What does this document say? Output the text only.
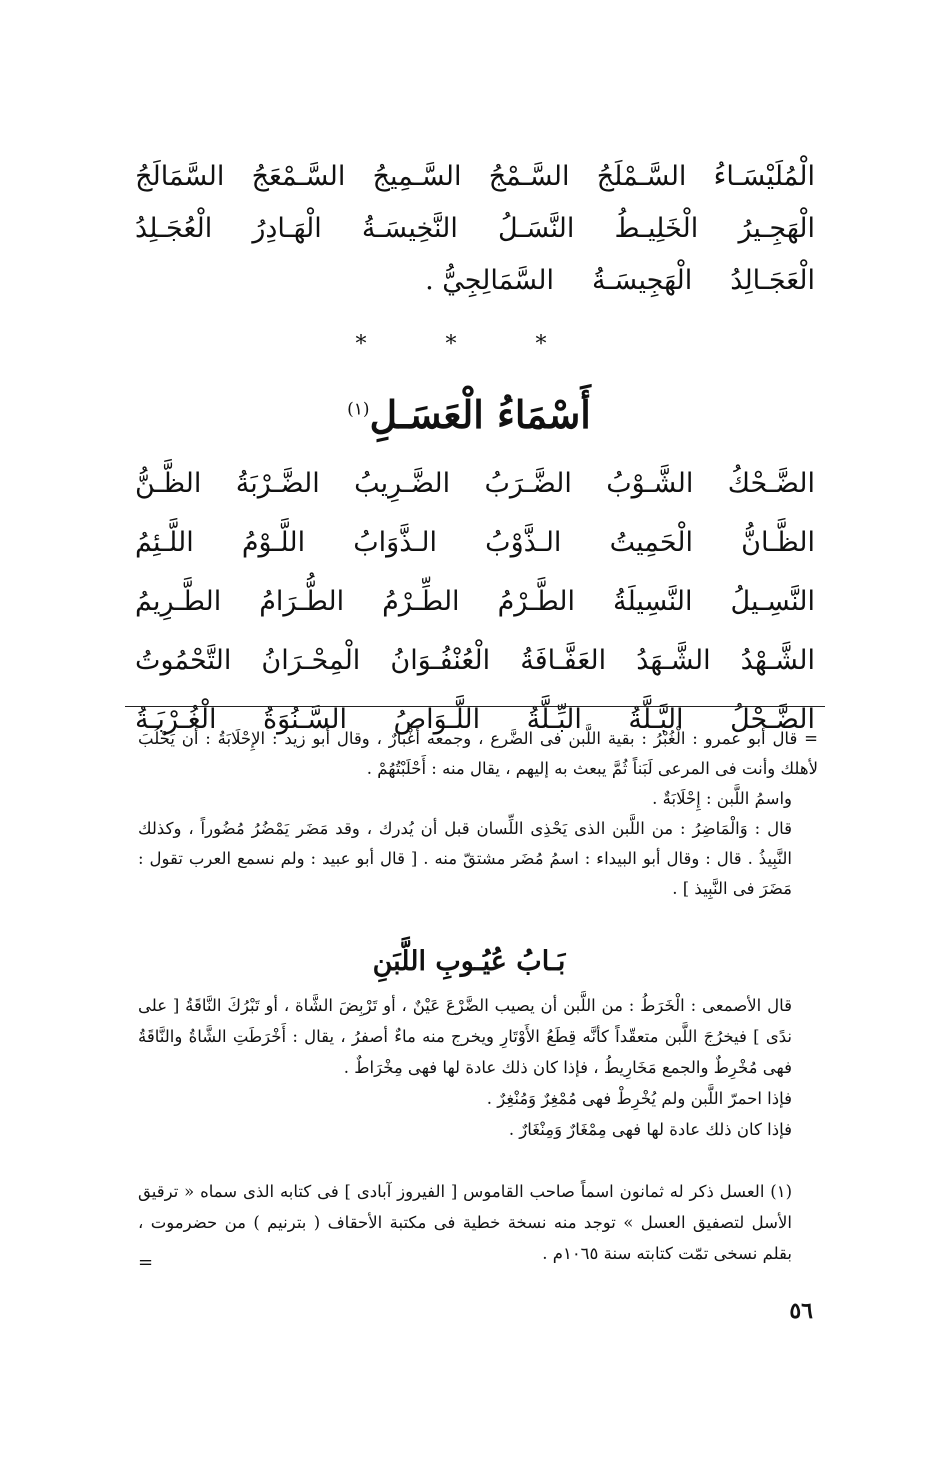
الْمُلَيْسَـاءُ
السَّـمْلَجُ
السَّـمْجُ
السَّـمِيجُ
السَّـمْعَجُ
السَّمَالَجُ
الْهَجِـيرُ
الْخَلِيـطُ
النَّسَـلُ
النَّخِيسَـةُ
الْهَـادِرُ
الْعُجَـلِدُ
الْعَجَـالِدُ
الْهَجِيسَـةُ
السَّمَالِجِيُّ .
* * *
أَسْمَاءُ الْعَسَـلِ$^{(١)}$
الضَّـحْكُ
الشَّـوْبُ
الضَّـرَبُ
الضَّـرِيبُ
الضَّـرْبَةُ
الظَّـنُّ
الظَّـانُّ
الْحَمِيتُ
الـذَّوْبُ
الـذَّوَابُ
اللَّـوْمُ
اللَّـئِمُ
النَّسِـيلُ
النَّسِيلَةُ
الطَّـرْمُ
الطِّـرْمُ
الطُّـرَامُ
الطَّـرِيمُ
الشَّـهْدُ
الشَّـهَدُ
العَفَّـافَةُ
الْعُنْفُـوَانُ
الْمِحْـرَانُ
التَّحْمُوتُ
الضَّـحْلُ
البَّـلَّةُ
البِّـلَّةُ
اللَّـوَاصُ
السَّـنُوَةُ
الْغُـرْبَـةُ

= قال أبو عمرو : الْغُبْرُ : بقية اللَّبن فى الضَّرع ، وجمعه أَغْبارٌ ، وقال أبو زيد : الإِحْلَابَةُ : أن يَحْلُبَ لأهلك وأنت فى المرعى لَبَناً ثُمَّ يبعث به إليهم ، يقال منه : أَحْلَبْتُهُمْ .

واسمُ اللَّبن : إِحْلَابَةٌ .

قال : وَالْمَاضِرُ : من اللَّبن الذى يَحْذِى اللِّسان قبل أن يُدرك ، وقد مَضَر يَمْضُرُ مُضُوراً ، وكذلك النَّبِيذُ . قال : وقال أبو البيداء : اسمُ مُضَر مشتقّ منه . [ قال أبو عبيد : ولم نسمع العرب تقول : مَضَرَ فى النَّبِيذ ] .

بَـابُ عُيُـوبِ اللَّبَنِ

قال الأصمعى : الْخَرَطُ : من اللَّبن أن يصيب الضَّرْعَ عَيْنٌ ، أو تَرْبِضَ الشَّاة ، أو تَبْرُكَ النَّاقَةُ [ على ندًى ] فيخرُجَ اللَّبن متعقّداً كأنَّه قِطَعُ الأَوْتَارِ ويخرج منه ماءٌ أصفرُ ، يقال : أَخْرَطَتِ الشَّاةُ والنَّاقَةُ فهى مُخْرِطٌ والجمع مَخَارِيطُ ، فإذا كان ذلك عادة لها فهى مِخْرَاطٌ .

فإذا احمرّ اللَّبن ولم يُخْرِطْ فهى مُمْغِرٌ وَمُنْغِرٌ .

فإذا كان ذلك عادة لها فهى مِمْغَارٌ وَمِنْغَارٌ .

(١) العسل ذكر له ثمانون اسماً صاحب القاموس [ الفيروز آبادى ] فى كتابه الذى سماه « ترقيق الأسل لتصفيق العسل » توجد منه نسخة خطية فى مكتبة الأحقاف ( بترنيم ) من حضرموت ، بقلم نسخى تمّت كتابته سنة ١٠٦٥م .

=
٥٦
